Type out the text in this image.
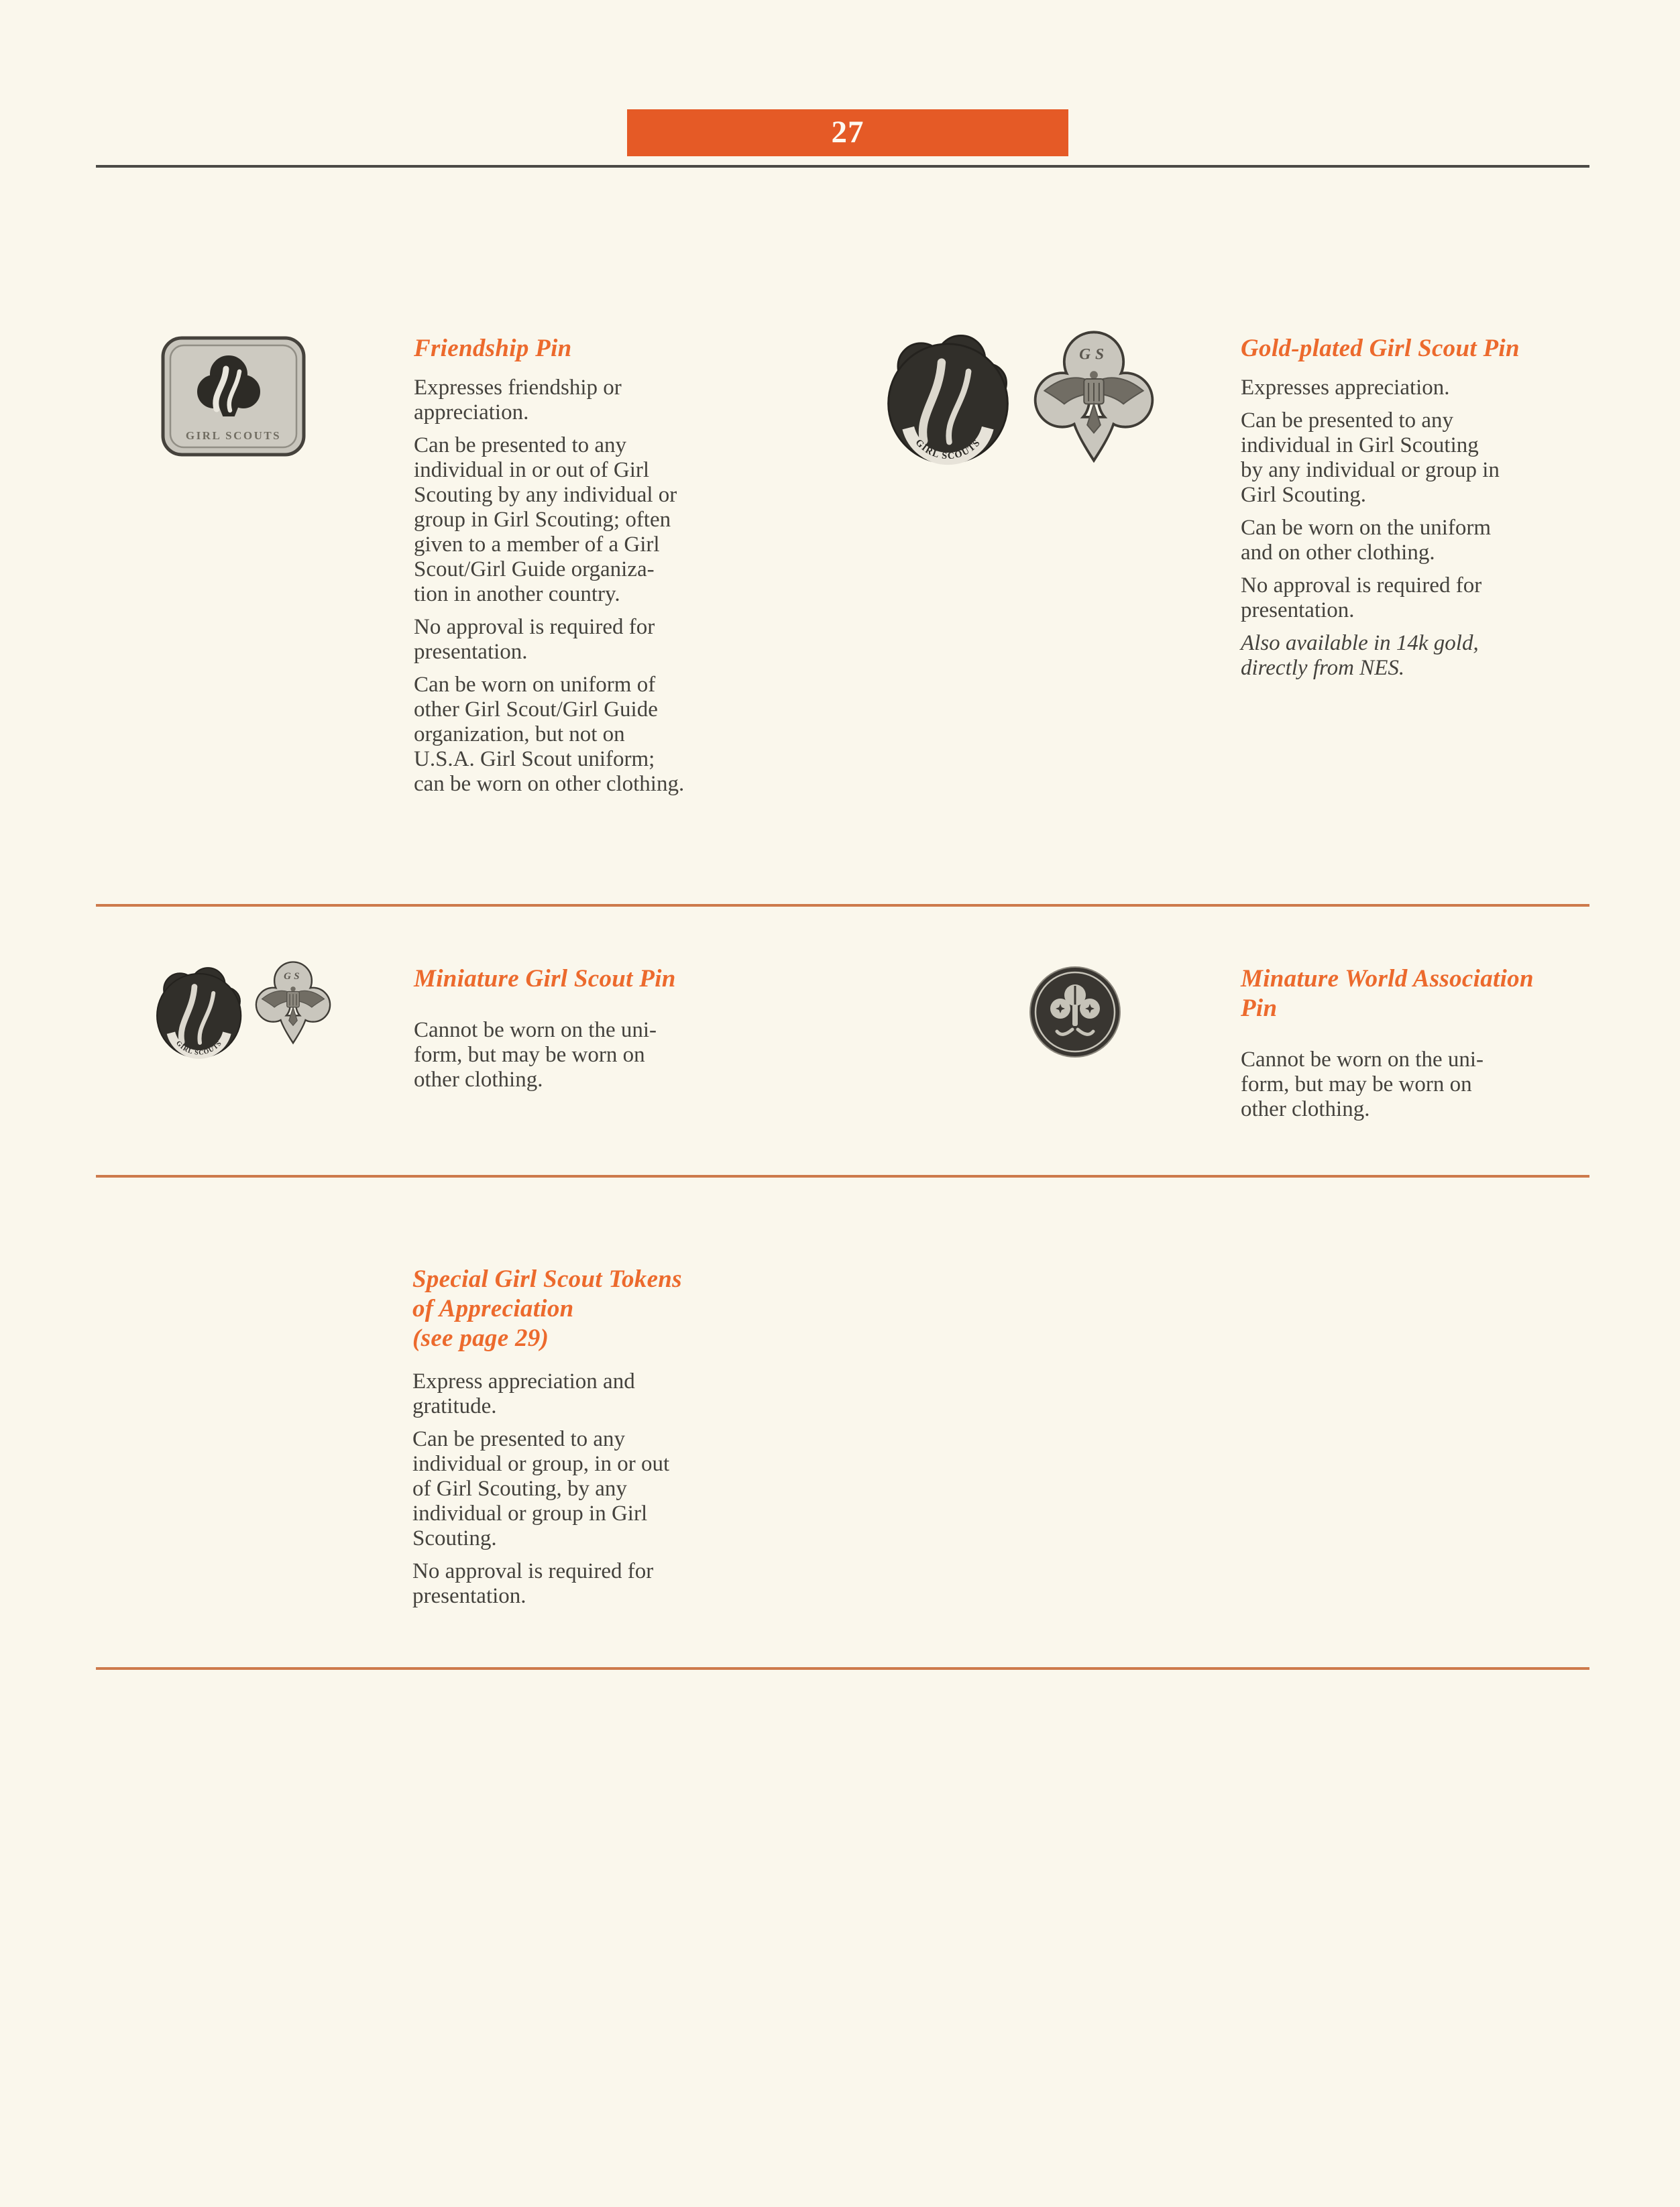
27
GIRL SCOUTS
Friendship Pin

Expresses friendship or
appreciation.

Can be presented to any
individual in or out of Girl
Scouting by any individual or
group in Girl Scouting; often
given to a member of a Girl
Scout/Girl Guide organiza-
tion in another country.

No approval is required for
presentation.

Can be worn on uniform of
other Girl Scout/Girl Guide
organization, but not on
U.S.A. Girl Scout uniform;
can be worn on other clothing.

GIRL SCOUTS
GS	Gold-plated Girl Scout Pin

Expresses appreciation.

Can be presented to any
individual in Girl Scouting
by any individual or group in
Girl Scouting.

Can be worn on the uniform
and on other clothing.

No approval is required for
presentation.

Also available in 14k gold,
directly from NES.

GIRL SCOUTS
GS	Miniature Girl Scout Pin

Cannot be worn on the uni-
form, but may be worn on
other clothing.

Minature World Association
Pin

Cannot be worn on the uni-
form, but may be worn on
other clothing.

Special Girl Scout Tokens
of Appreciation
(see page 29)

Express appreciation and
gratitude.

Can be presented to any
individual or group, in or out
of Girl Scouting, by any
individual or group in Girl
Scouting.

No approval is required for
presentation.
